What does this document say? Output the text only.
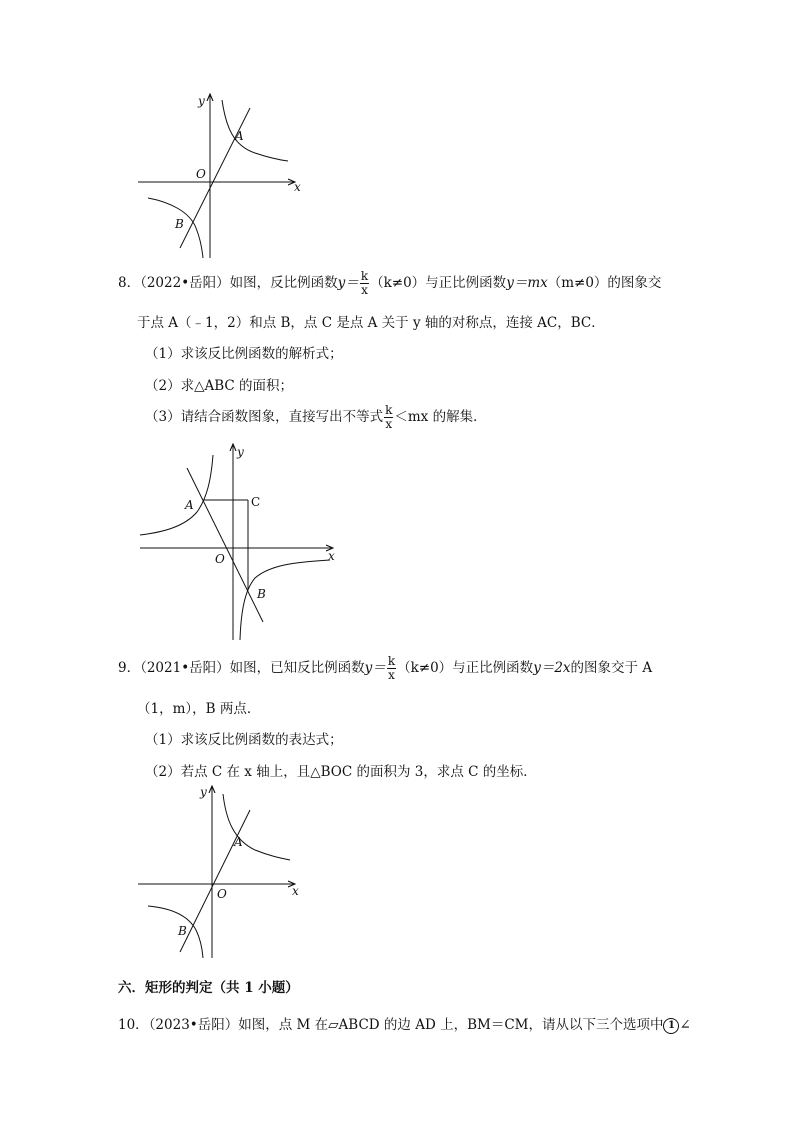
y
x
O
A
B
8．（2022•岳阳）如图，反比例函数$y= \frac{k}{x} (k\ne 0)$与正比例函数y＝mx（m≠0）的图象交
于点 A（﹣1，2）和点 B，点 C 是点 A 关于 y 轴的对称点，连接 AC，BC．
（1）求该反比例函数的解析式；
（2）求△ABC 的面积；
（3）请结合函数图象，直接写出不等式 $\frac{k}{x} <mx$ 的解集．
y
x
O
A	C
B
9．（2021•岳阳）如图，已知反比例函数$y= \frac{k}{x} (k\ne 0)$与正比例函数y＝2x的图象交于 A
（1，m），B 两点．
（1）求该反比例函数的表达式；
（2）若点 C 在 x 轴上，且△BOC 的面积为 3，求点 C 的坐标．
y
x
O
A
B
六．矩形的判定（共 1 小题）
10．（2023•岳阳）如图，点 M 在▱ABCD 的边 AD 上，BM＝CM，请从以下三个选项中 1 ∠
